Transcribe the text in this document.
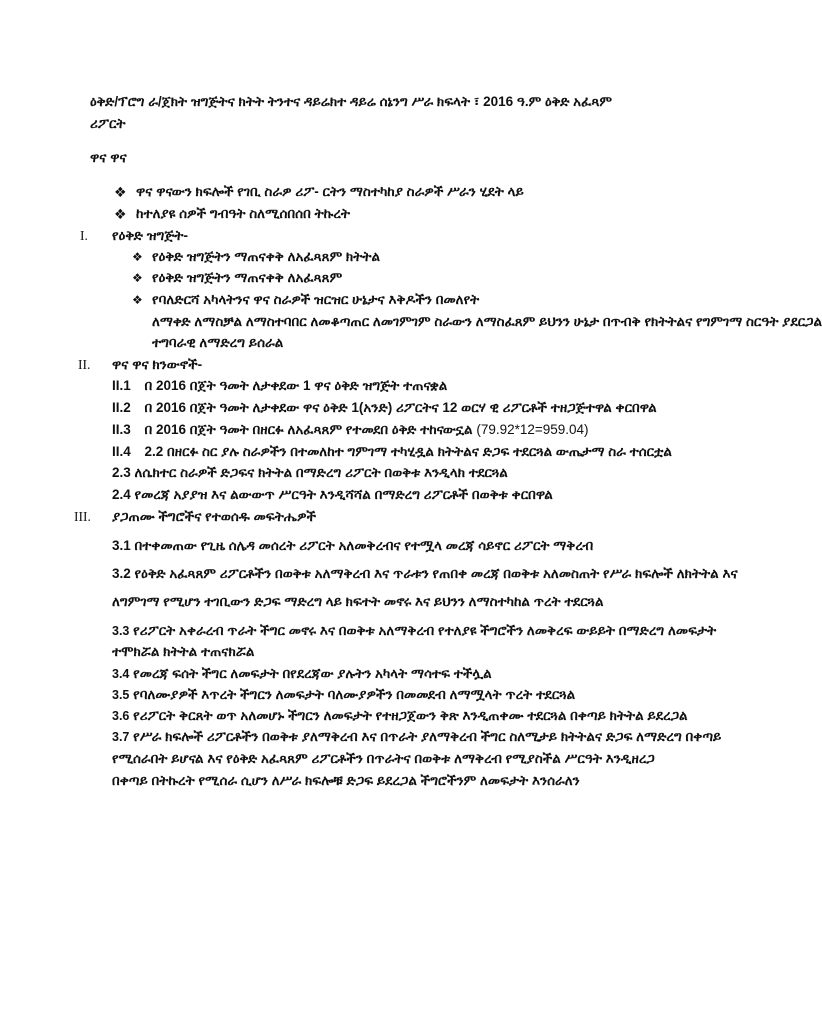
ዕቅድ/ፕሮግ ራ/ጀክት ዝግጅትና ክትት ትንተና ዳይሬክተ ዳይሬ ሰኔንግ ሥራ ክፍላት ፣ 2016 ዓ.ም ዕቅድ አፈጻም
ሪፖርት
ዋና ዋና
❖ ዋና ዋናውን ክፍሎች የገቢ ስራዎ ሪፖ- ርትን ማስተካከያ ስራዎች ሥራን ሂደት ላይ
❖ ከተለያዩ ሰዎች ግብዓት ስለሚሰበሰበ ትኩረት
I. የዕቅድ ዝግጅት-
❖ የዕቅድ ዝግጅትን ማጠናቀቅ ለአፈጻጸም ክትትል
❖ የዕቅድ ዝግጅትን ማጠናቀቅ ለአፈጻጸም
❖ የባለድርሻ አካላትንና ዋና ስራዎች ዝርዝር ሁኔታና እቅዶችን በመለየት
ለማቀድ ለማስቻል ለማስተባበር ለመቆጣጠር ለመገምገም ስራውን ለማስፈጸም ይህንን ሁኔታ በጥብቅ የክትትልና የግምገማ ስርዓት ያደርጋል
ተግባራዊ ለማድረግ ይሰራል
II. ዋና ዋና ክንውኖች-
II.1 በ 2016 በጀት ዓመት ለታቀደው 1 ዋና ዕቅድ ዝግጅት ተጠናቋል
II.2 በ 2016 በጀት ዓመት ለታቀደው ዋና ዕቅድ 1(አንድ) ሪፖርትና 12 ወርሃ ዊ ሪፖርቶች ተዘጋጅተዋል ቀርበዋል
II.3 በ 2016 በጀት ዓመት በዘርፉ ለአፈጻጸም የተመደበ ዕቅድ ተከናውኗል (79.92*12=959.04)
II.4 2.2 በዘርፉ ስር ያሉ ስራዎችን በተመለከተ ግምገማ ተካሂዷል ክትትልና ድጋፍ ተደርጓል ውጤታማ ስራ ተሰርቷል
2.3 ለሴክተር ስራዎች ድጋፍና ክትትል በማድረግ ሪፖርት በወቅቱ እንዲላክ ተደርጓል
2.4 የመረጃ አያያዝ እና ልውውጥ ሥርዓት እንዲሻሻል በማድረግ ሪፖርቶች በወቅቱ ቀርበዋል
III. ያጋጠሙ ችግሮችና የተወሰዱ መፍትሔዎች
3.1 በተቀመጠው የጊዜ ሰሌዳ መሰረት ሪፖርት አለመቅረብና የተሟላ መረጃ ሳይኖር ሪፖርት ማቅረብ
3.2 የዕቅድ አፈጻጸም ሪፖርቶችን በወቅቱ አለማቅረብ እና ጥራቱን የጠበቀ መረጃ በወቅቱ አለመስጠት የሥራ ክፍሎች ለክትትል እና
ለግምገማ የሚሆን ተገቢውን ድጋፍ ማድረግ ላይ ክፍተት መኖሩ እና ይህንን ለማስተካከል ጥረት ተደርጓል
3.3 የሪፖርት አቀራረብ ጥራት ችግር መኖሩ እና በወቅቱ አለማቅረብ የተለያዩ ችግሮችን ለመቅረፍ ውይይት በማድረግ ለመፍታት
ተሞክሯል ክትትል ተጠናክሯል
3.4 የመረጃ ፍሰት ችግር ለመፍታት በየደረጃው ያሉትን አካላት ማሳተፍ ተችሏል
3.5 የባለሙያዎች እጥረት ችግርን ለመፍታት ባለሙያዎችን በመመደብ ለማሟላት ጥረት ተደርጓል
3.6 የሪፖርት ቅርጸት ወጥ አለመሆኑ ችግርን ለመፍታት የተዘጋጀውን ቅጽ እንዲጠቀሙ ተደርጓል በቀጣይ ክትትል ይደረጋል
3.7 የሥራ ክፍሎች ሪፖርቶችን በወቅቱ ያለማቅረብ እና በጥራት ያለማቅረብ ችግር ስለሚታይ ክትትልና ድጋፍ ለማድረግ በቀጣይ
የሚሰራበት ይሆናል እና የዕቅድ አፈጻጸም ሪፖርቶችን በጥራትና በወቅቱ ለማቅረብ የሚያስችል ሥርዓት እንዲዘረጋ
በቀጣይ በትኩረት የሚሰራ ሲሆን ለሥራ ክፍሎቹ ድጋፍ ይደረጋል ችግሮችንም ለመፍታት እንሰራለን
